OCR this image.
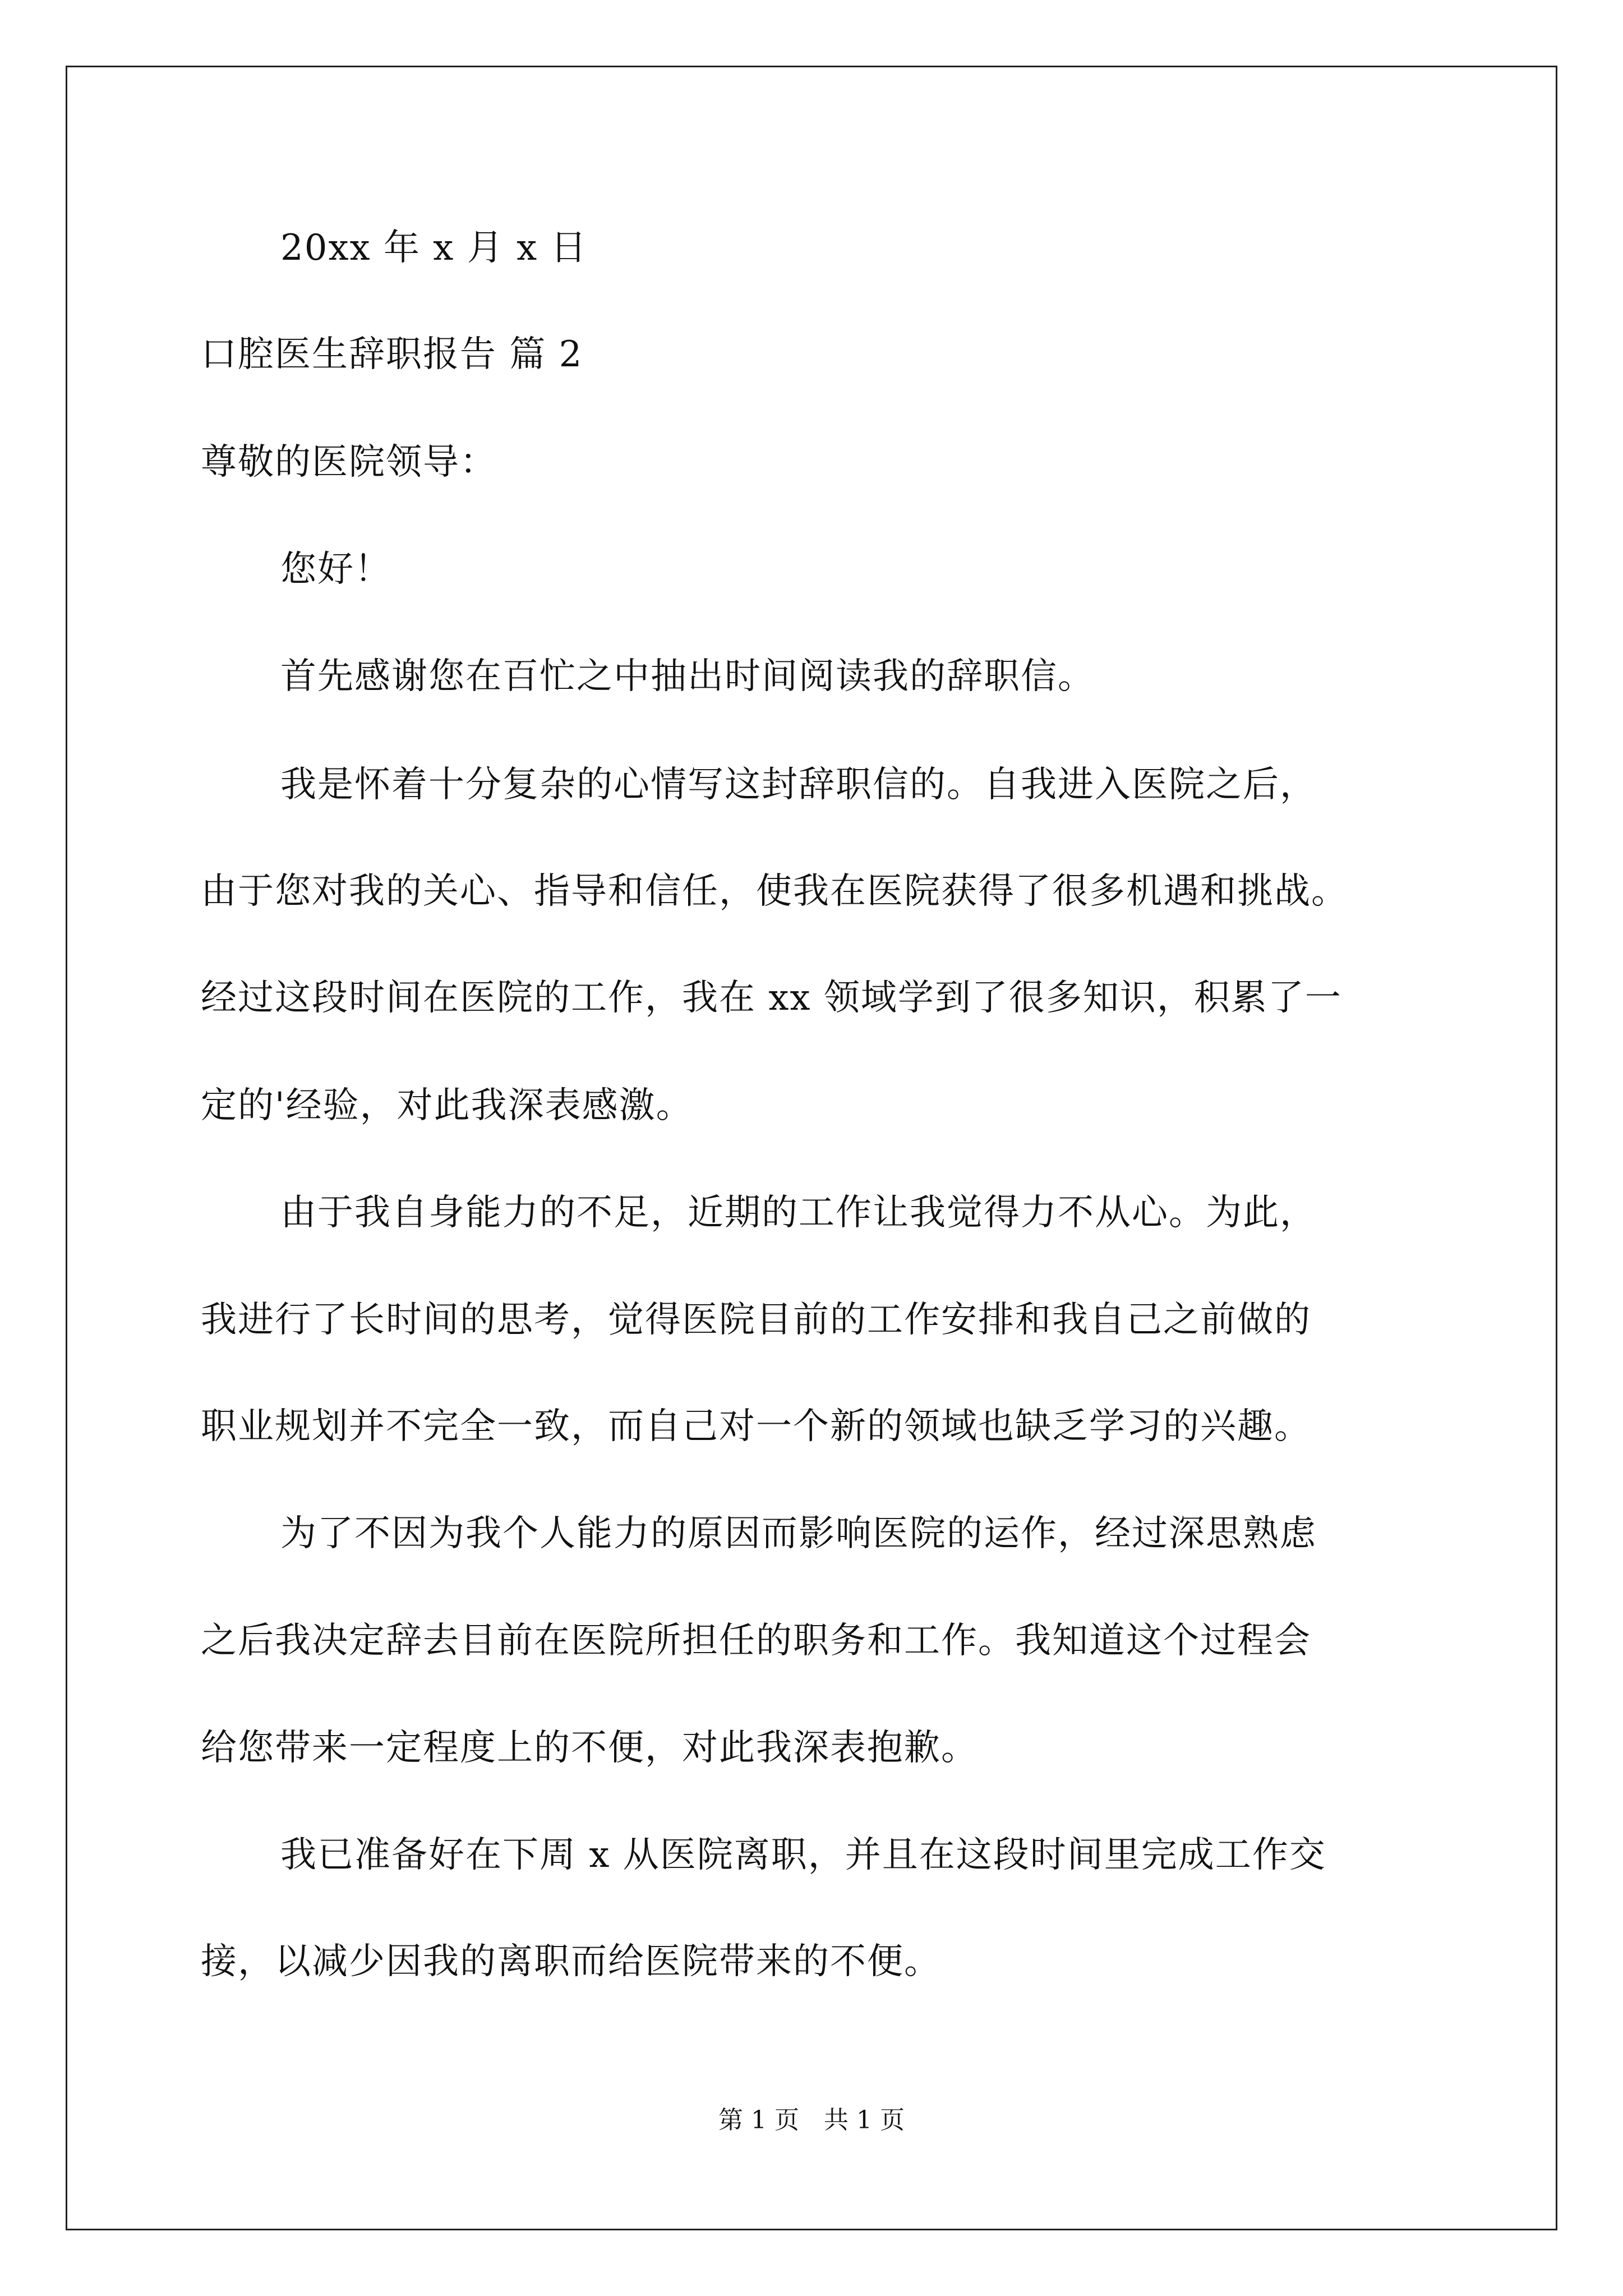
20xx 年 x 月 x 日
口腔医生辞职报告 篇 2
尊敬的医院领导：
您好！
首先感谢您在百忙之中抽出时间阅读我的辞职信。
我是怀着十分复杂的心情写这封辞职信的。自我进入医院之后，
由于您对我的关心、指导和信任，使我在医院获得了很多机遇和挑战。
经过这段时间在医院的工作，我在 xx 领域学到了很多知识，积累了一
定的'经验，对此我深表感激。
由于我自身能力的不足，近期的工作让我觉得力不从心。为此，
我进行了长时间的思考，觉得医院目前的工作安排和我自己之前做的
职业规划并不完全一致，而自己对一个新的领域也缺乏学习的兴趣。
为了不因为我个人能力的原因而影响医院的运作，经过深思熟虑
之后我决定辞去目前在医院所担任的职务和工作。我知道这个过程会
给您带来一定程度上的不便，对此我深表抱歉。
我已准备好在下周 x 从医院离职，并且在这段时间里完成工作交
接，以减少因我的离职而给医院带来的不便。
第 1 页　共 1 页
